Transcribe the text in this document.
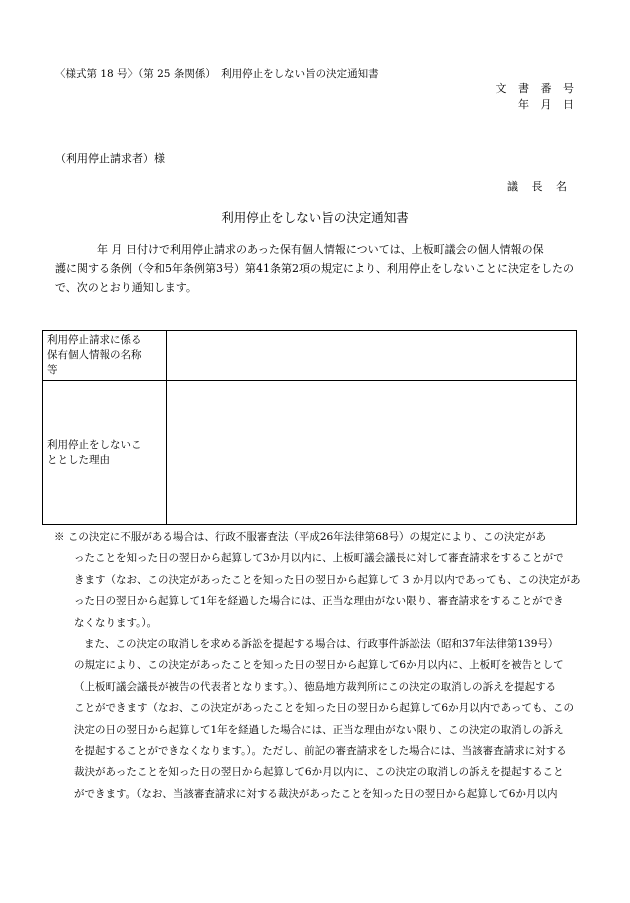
〈様式第 18 号〉（第 25 条関係）　利用停止をしない旨の決定通知書
文 書 番 号
年 月 日
（利用停止請求者）様
議 長 名
利用停止をしない旨の決定通知書
年 月 日付けで利用停止請求のあった保有個人情報については、上板町議会の個人情報の保
護に関する条例（令和5年条例第3号）第41条第2項の規定により、利用停止をしないことに決定をしたの
で、次のとおり通知します。
利用停止請求に係る
保有個人情報の名称
等	

利用停止をしないこ
ととした理由	

※ この決定に不服がある場合は、行政不服審査法（平成26年法律第68号）の規定により、この決定があ
ったことを知った日の翌日から起算して3か月以内に、上板町議会議長に対して審査請求をすることがで
きます（なお、この決定があったことを知った日の翌日から起算して 3 か月以内であっても、この決定があ
った日の翌日から起算して1年を経過した場合には、正当な理由がない限り、審査請求をすることができ
なくなります。）。
また、この決定の取消しを求める訴訟を提起する場合は、行政事件訴訟法（昭和37年法律第139号）
の規定により、この決定があったことを知った日の翌日から起算して6か月以内に、上板町を被告として
（上板町議会議長が被告の代表者となります。）、徳島地方裁判所にこの決定の取消しの訴えを提起する
ことができます（なお、この決定があったことを知った日の翌日から起算して6か月以内であっても、この
決定の日の翌日から起算して1年を経過した場合には、正当な理由がない限り、この決定の取消しの訴え
を提起することができなくなります。）。ただし、前記の審査請求をした場合には、当該審査請求に対する
裁決があったことを知った日の翌日から起算して6か月以内に、この決定の取消しの訴えを提起すること
ができます。（なお、当該審査請求に対する裁決があったことを知った日の翌日から起算して6か月以内
